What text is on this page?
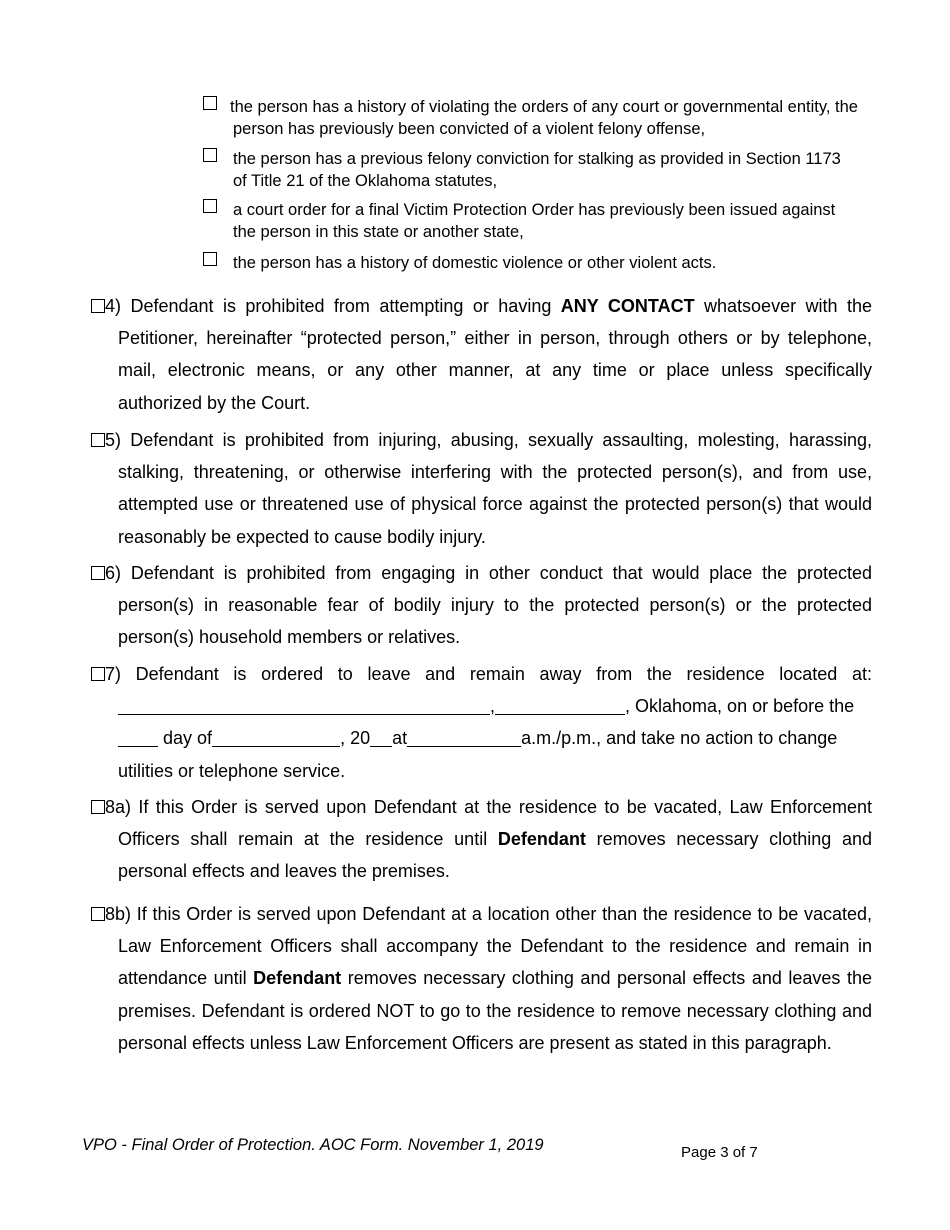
the person has a history of violating the orders of any court or governmental entity, the
person has previously been convicted of a violent felony offense,
the person has a previous felony conviction for stalking as provided in Section 1173
of Title 21 of the Oklahoma statutes,
a court order for a final Victim Protection Order has previously been issued against
the person in this state or another state,
the person has a history of domestic violence or other violent acts.
4) Defendant is prohibited from attempting or having ANY CONTACT whatsoever with the
Petitioner, hereinafter “protected person,” either in person, through others or by telephone, mail, electronic means, or any other manner, at any time or place unless specifically authorized by the Court.
5) Defendant is prohibited from injuring, abusing, sexually assaulting, molesting, harassing,
stalking, threatening, or otherwise interfering with the protected person(s), and from use, attempted use or threatened use of physical force against the protected person(s) that would reasonably be expected to cause bodily injury.
6) Defendant is prohibited from engaging in other conduct that would place the protected
person(s) in reasonable fear of bodily injury to the protected person(s) or the protected person(s) household members or relatives.
7) Defendant is ordered to leave and remain away from the residence located at:
,	, Oklahoma, on or before the
day of	, 20 at	a.m./p.m., and take no action to change
utilities or telephone service.
8a) If this Order is served upon Defendant at the residence to be vacated, Law Enforcement
Officers shall remain at the residence until Defendant removes necessary clothing and personal effects and leaves the premises.
8b) If this Order is served upon Defendant at a location other than the residence to be vacated,
Law Enforcement Officers shall accompany the Defendant to the residence and remain in attendance until Defendant removes necessary clothing and personal effects and leaves the premises. Defendant is ordered NOT to go to the residence to remove necessary clothing and personal effects unless Law Enforcement Officers are present as stated in this paragraph.
VPO - Final Order of Protection. AOC Form. November 1, 2019	Page 3 of 7
